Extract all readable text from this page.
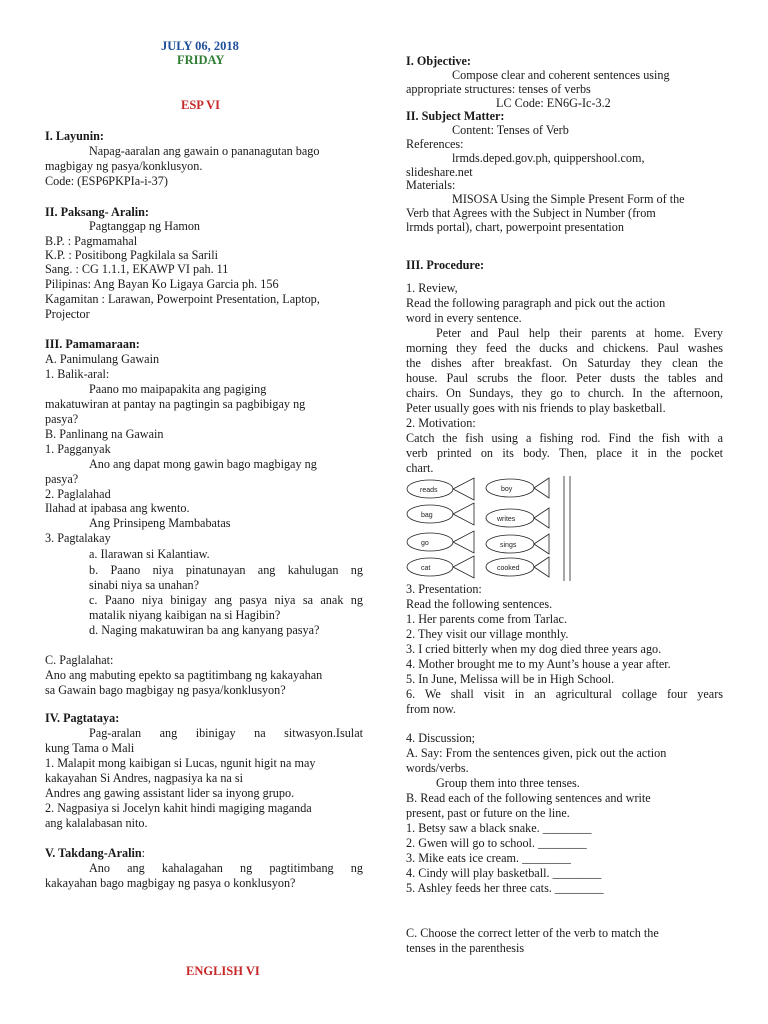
JULY 06, 2018
FRIDAY
ESP VI
I. Layunin:
Napag-aaralan ang gawain o pananagutan bago
magbigay ng pasya/konklusyon.
Code: (ESP6PKPIa-i-37)
II. Paksang- Aralin:
Pagtanggap ng Hamon
B.P. : Pagmamahal
K.P. : Positibong Pagkilala sa Sarili
Sang. : CG 1.1.1, EKAWP VI pah. 11
Pilipinas: Ang Bayan Ko Ligaya Garcia ph. 156
Kagamitan : Larawan, Powerpoint Presentation, Laptop,
Projector
III. Pamamaraan:
A. Panimulang Gawain
1. Balik-aral:
Paano mo maipapakita ang pagiging
makatuwiran at pantay na pagtingin sa pagbibigay ng
pasya?
B. Panlinang na Gawain
1. Pagganyak
Ano ang dapat mong gawin bago magbigay ng
pasya?
2. Paglalahad
Ilahad at ipabasa ang kwento.
Ang Prinsipeng Mambabatas
3. Pagtalakay
a. Ilarawan si Kalantiaw.
b. Paano niya pinatunayan ang kahulugan ng
sinabi niya sa unahan?
c. Paano niya binigay ang pasya niya sa anak ng
matalik niyang kaibigan na si Hagibin?
d. Naging makatuwiran ba ang kanyang pasya?
C. Paglalahat:
Ano ang mabuting epekto sa pagtitimbang ng kakayahan
sa Gawain bago magbigay ng pasya/konklusyon?
IV. Pagtataya:
Pag-aralan ang ibinigay na sitwasyon.Isulat
kung Tama o Mali
1. Malapit mong kaibigan si Lucas, ngunit higit na may
kakayahan Si Andres, nagpasiya ka na si
Andres ang gawing assistant lider sa inyong grupo.
2. Nagpasiya si Jocelyn kahit hindi magiging maganda
ang kalalabasan nito.
V. Takdang-Aralin:
Ano ang kahalagahan ng pagtitimbang ng
kakayahan bago magbigay ng pasya o konklusyon?
ENGLISH VI
I. Objective:
Compose clear and coherent sentences using
appropriate structures: tenses of verbs
LC Code: EN6G-Ic-3.2
II. Subject Matter:
Content: Tenses of Verb
References:
lrmds.deped.gov.ph, quippershool.com,
slideshare.net
Materials:
MISOSA Using the Simple Present Form of the
Verb that Agrees with the Subject in Number (from
lrmds portal), chart, powerpoint presentation
III. Procedure:
1. Review,
Read the following paragraph and pick out the action
word in every sentence.
Peter and Paul help their parents at home. Every
morning they feed the ducks and chickens. Paul washes
the dishes after breakfast. On Saturday they clean the
house. Paul scrubs the floor. Peter dusts the tables and
chairs. On Sundays, they go to church. In the afternoon,
Peter usually goes with nis friends to play basketball.
2. Motivation:
Catch the fish using a fishing rod. Find the fish with a
verb printed on its body. Then, place it in the pocket
chart.
reads
bag
go
cat
boy
writes
sings
cooked
3. Presentation:
Read the following sentences.
1. Her parents come from Tarlac.
2. They visit our village monthly.
3. I cried bitterly when my dog died three years ago.
4. Mother brought me to my Aunt’s house a year after.
5. In June, Melissa will be in High School.
6. We shall visit in an agricultural collage four years
from now.
4. Discussion;
A. Say: From the sentences given, pick out the action
words/verbs.
Group them into three tenses.
B. Read each of the following sentences and write
present, past or future on the line.
1. Betsy saw a black snake. ________
2. Gwen will go to school. ________
3. Mike eats ice cream. ________
4. Cindy will play basketball. ________
5. Ashley feeds her three cats. ________
C. Choose the correct letter of the verb to match the
tenses in the parenthesis
